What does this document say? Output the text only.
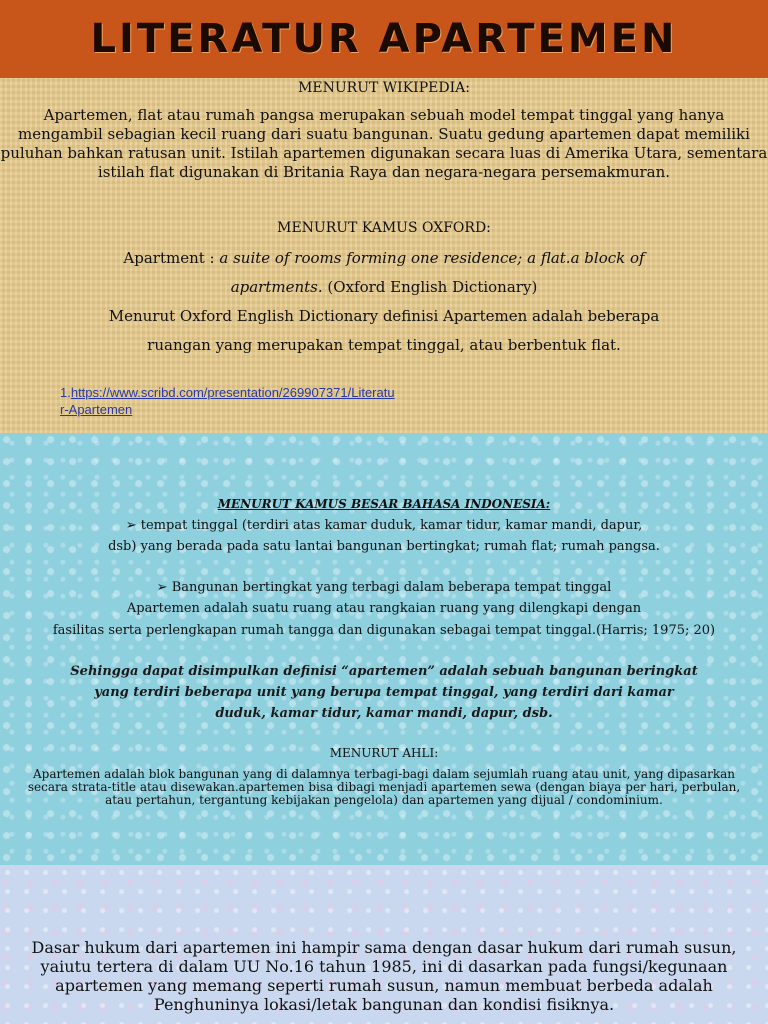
LITERATUR APARTEMEN

MENURUT WIKIPEDIA:

Apartemen, flat atau rumah pangsa merupakan sebuah model tempat tinggal yang hanya

mengambil sebagian kecil ruang dari suatu bangunan. Suatu gedung apartemen dapat memiliki

puluhan bahkan ratusan unit. Istilah apartemen digunakan secara luas di Amerika Utara, sementara

istilah flat digunakan di Britania Raya dan negara-negara persemakmuran.

MENURUT KAMUS OXFORD:

Apartment : a suite of rooms forming one residence; a flat.a block of

apartments. (Oxford English Dictionary)

Menurut Oxford English Dictionary definisi Apartemen adalah beberapa

ruangan yang merupakan tempat tinggal, atau berbentuk flat.

1.https://www.scribd.com/presentation/269907371/Literatu
r-Apartemen

MENURUT KAMUS BESAR BAHASA INDONESIA:

➢ tempat tinggal (terdiri atas kamar duduk, kamar tidur, kamar mandi, dapur,

dsb) yang berada pada satu lantai bangunan bertingkat; rumah flat; rumah pangsa.

➢ Bangunan bertingkat yang terbagi dalam beberapa tempat tinggal

Apartemen adalah suatu ruang atau rangkaian ruang yang dilengkapi dengan

fasilitas serta perlengkapan rumah tangga dan digunakan sebagai tempat tinggal.(Harris; 1975; 20)

Sehingga dapat disimpulkan definisi “apartemen” adalah sebuah bangunan beringkat

yang terdiri beberapa unit yang berupa tempat tinggal, yang terdiri dari kamar

duduk, kamar tidur, kamar mandi, dapur, dsb.

MENURUT AHLI:

Apartemen adalah blok bangunan yang di dalamnya terbagi-bagi dalam sejumlah ruang atau unit, yang dipasarkan

secara strata-title atau disewakan.apartemen bisa dibagi menjadi apartemen sewa (dengan biaya per hari, perbulan,

atau pertahun, tergantung kebijakan pengelola) dan apartemen yang dijual / condominium.

Dasar hukum dari apartemen ini hampir sama dengan dasar hukum dari rumah susun,

yaiutu tertera di dalam UU No.16 tahun 1985, ini di dasarkan pada fungsi/kegunaan

apartemen yang memang seperti rumah susun, namun membuat berbeda adalah

Penghuninya lokasi/letak bangunan dan kondisi fisiknya.
